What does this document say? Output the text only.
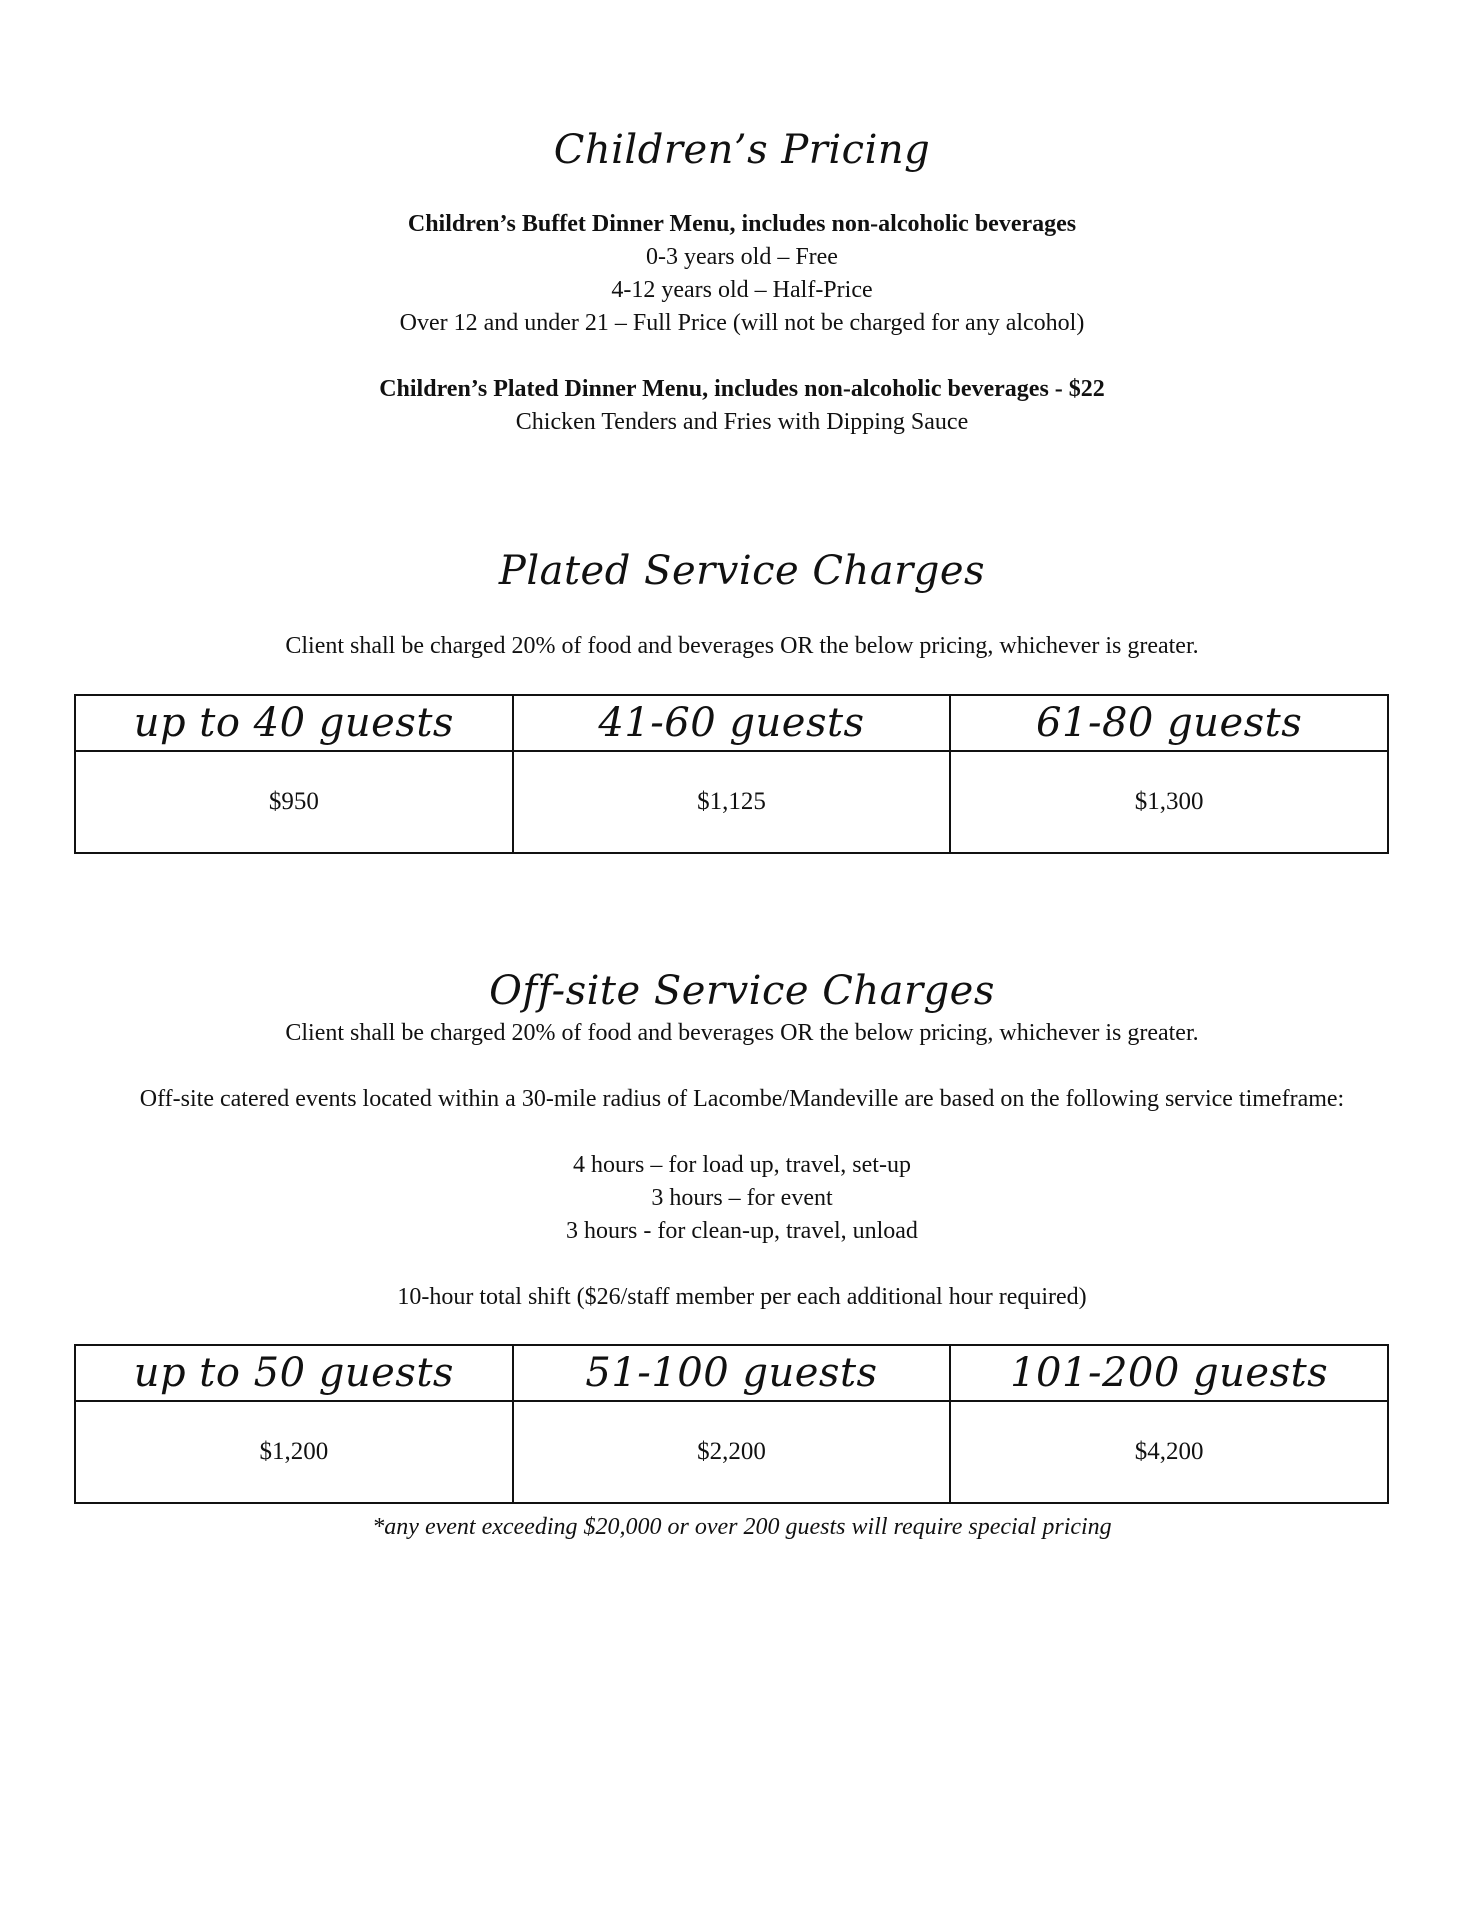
Children’s Pricing

Children’s Buffet Dinner Menu, includes non-alcoholic beverages

0-3 years old – Free

4-12 years old – Half-Price

Over 12 and under 21 – Full Price (will not be charged for any alcohol)

Children’s Plated Dinner Menu, includes non-alcoholic beverages - $22

Chicken Tenders and Fries with Dipping Sauce

Plated Service Charges

Client shall be charged 20% of food and beverages OR the below pricing, whichever is greater.

up to 40 guests	41-60 guests	61-80 guests
$950	$1,125	$1,300
Off-site Service Charges

Client shall be charged 20% of food and beverages OR the below pricing, whichever is greater.

Off-site catered events located within a 30-mile radius of Lacombe/Mandeville are based on the following service timeframe:

4 hours – for load up, travel, set-up

3 hours – for event

3 hours - for clean-up, travel, unload

10-hour total shift ($26/staff member per each additional hour required)

up to 50 guests	51-100 guests	101-200 guests
$1,200	$2,200	$4,200

*any event exceeding $20,000 or over 200 guests will require special pricing
